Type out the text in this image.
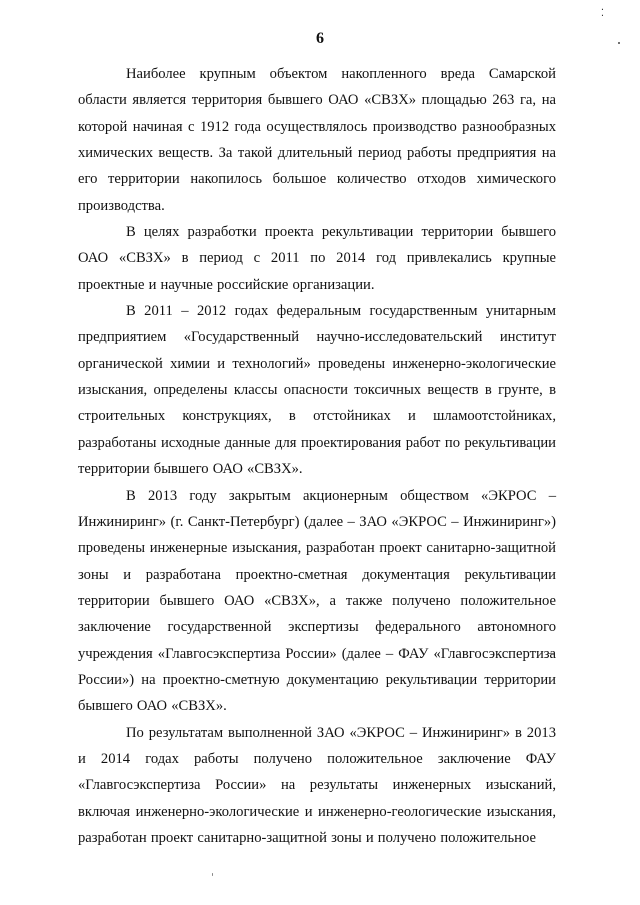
⁚
6

Наиболее крупным объектом накопленного вреда Самарской области является территория бывшего ОАО «СВЗХ» площадью 263 га, на которой начиная с 1912 года осуществлялось производство разнообразных химических веществ. За такой длительный период работы предприятия на его территории накопилось большое количество отходов химического производства.

В целях разработки проекта рекультивации территории бывшего ОАО «СВЗХ» в период с 2011 по 2014 год привлекались крупные проектные и научные российские организации.

В 2011 – 2012 годах федеральным государственным унитарным предприятием «Государственный научно-исследовательский институт органической химии и технологий» проведены инженерно-экологические изыскания, определены классы опасности токсичных веществ в грунте, в строительных конструкциях, в отстойниках и шламоотстойниках, разработаны исходные данные для проектирования работ по рекультивации территории бывшего ОАО «СВЗХ».

В 2013 году закрытым акционерным обществом «ЭКРОС – Инжиниринг» (г. Санкт-Петербург) (далее – ЗАО «ЭКРОС – Инжиниринг») проведены инженерные изыскания, разработан проект санитарно-защитной зоны и разработана проектно-сметная документация рекультивации территории бывшего ОАО «СВЗХ», а также получено положительное заключение государственной экспертизы федерального автономного учреждения «Главгосэкспертиза России» (далее – ФАУ «Главгосэкспертиза России») на проектно-сметную документацию рекультивации территории бывшего ОАО «СВЗХ».

По результатам выполненной ЗАО «ЭКРОС – Инжиниринг» в 2013 и 2014 годах работы получено положительное заключение ФАУ «Главгосэкспертиза России» на результаты инженерных изысканий, включая инженерно-экологические и инженерно-геологические изыскания, разработан проект санитарно-защитной зоны и получено положительное
